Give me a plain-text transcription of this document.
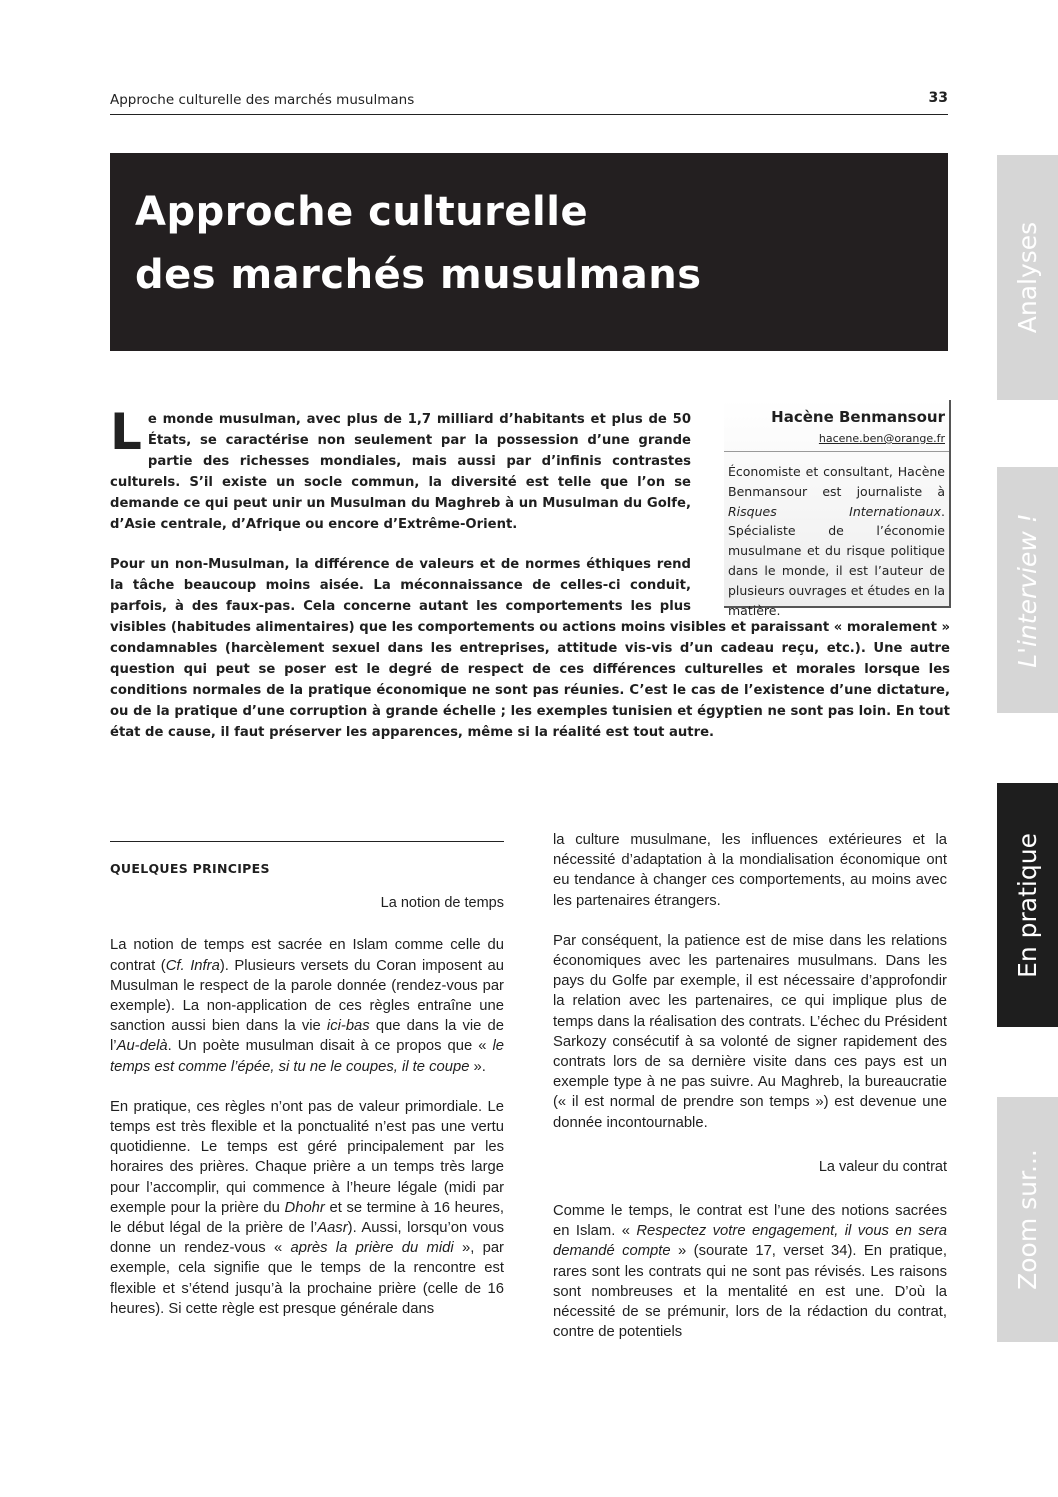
Approche culturelle des marchés musulmans	33
Approche culturelle
des marchés musulmans	Analyses
L'interview !
En pratique
Zoom sur...

Le monde musulman, avec plus de 1,7 milliard d’habitants et plus de 50 États, se caractérise non seulement par la possession d’une grande partie des richesses mondiales, mais aussi par d’infinis contrastes culturels. S’il existe un socle commun, la diversité est telle que l’on se demande ce qui peut unir un Musulman du Maghreb à un Musulman du Golfe, d’Asie centrale, d’Afrique ou encore d’Extrême-Orient.

Pour un non-Musulman, la différence de valeurs et de normes éthiques rend la tâche beaucoup moins aisée. La méconnaissance de celles-ci conduit, parfois, à des faux-pas. Cela concerne autant les comportements les plus visibles (habitudes alimentaires) que les comportements ou actions moins visibles et paraissant « moralement » condamnables (harcèlement sexuel dans les entreprises, attitude vis-vis d’un cadeau reçu, etc.). Une autre question qui peut se poser est le degré de respect de ces différences culturelles et morales lorsque les conditions normales de la pratique économique ne sont pas réunies. C’est le cas de l’existence d’une dictature, ou de la pratique d’une corruption à grande échelle ; les exemples tunisien et égyptien ne sont pas loin. En tout état de cause, il faut préserver les apparences, même si la réalité est tout autre.

Hacène Benmansour
hacene.ben@orange.fr

Économiste et consultant, Hacène Benmansour est journaliste à Risques Internationaux. Spécialiste de l’économie musulmane et du risque politique dans le monde, il est l’auteur de plusieurs ouvrages et études en la matière.

QUELQUES PRINCIPES
La notion de temps

La notion de temps est sacrée en Islam comme celle du contrat (Cf. Infra). Plusieurs versets du Coran imposent au Musulman le respect de la parole donnée (rendez-vous par exemple). La non-application de ces règles entraîne une sanction aussi bien dans la vie ici-bas que dans la vie de l’Au-delà. Un poète musulman disait à ce propos que « le temps est comme l’épée, si tu ne le coupes, il te coupe ».

En pratique, ces règles n’ont pas de valeur primordiale. Le temps est très flexible et la ponctualité n’est pas une vertu quotidienne. Le temps est géré principalement par les horaires des prières. Chaque prière a un temps très large pour l’accomplir, qui commence à l’heure légale (midi par exemple pour la prière du Dhohr et se termine à 16 heures, le début légal de la prière de l’Aasr). Aussi, lorsqu’on vous donne un rendez-vous « après la prière du midi », par exemple, cela signifie que le temps de la rencontre est flexible et s’étend jusqu’à la prochaine prière (celle de 16 heures). Si cette règle est presque générale dans

la culture musulmane, les influences extérieures et la nécessité d’adaptation à la mondialisation économique ont eu tendance à changer ces comportements, au moins avec les partenaires étrangers.

Par conséquent, la patience est de mise dans les relations économiques avec les partenaires musulmans. Dans les pays du Golfe par exemple, il est nécessaire d’approfondir la relation avec les partenaires, ce qui implique plus de temps dans la réalisation des contrats. L’échec du Président Sarkozy consécutif à sa volonté de signer rapidement des contrats lors de sa dernière visite dans ces pays est un exemple type à ne pas suivre. Au Maghreb, la bureaucratie (« il est normal de prendre son temps ») est devenue une donnée incontournable.

La valeur du contrat

Comme le temps, le contrat est l’une des notions sacrées en Islam. « Respectez votre engagement, il vous en sera demandé compte » (sourate 17, verset 34). En pratique, rares sont les contrats qui ne sont pas révisés. Les raisons sont nombreuses et la mentalité en est une. D’où la nécessité de se prémunir, lors de la rédaction du contrat, contre de potentiels
